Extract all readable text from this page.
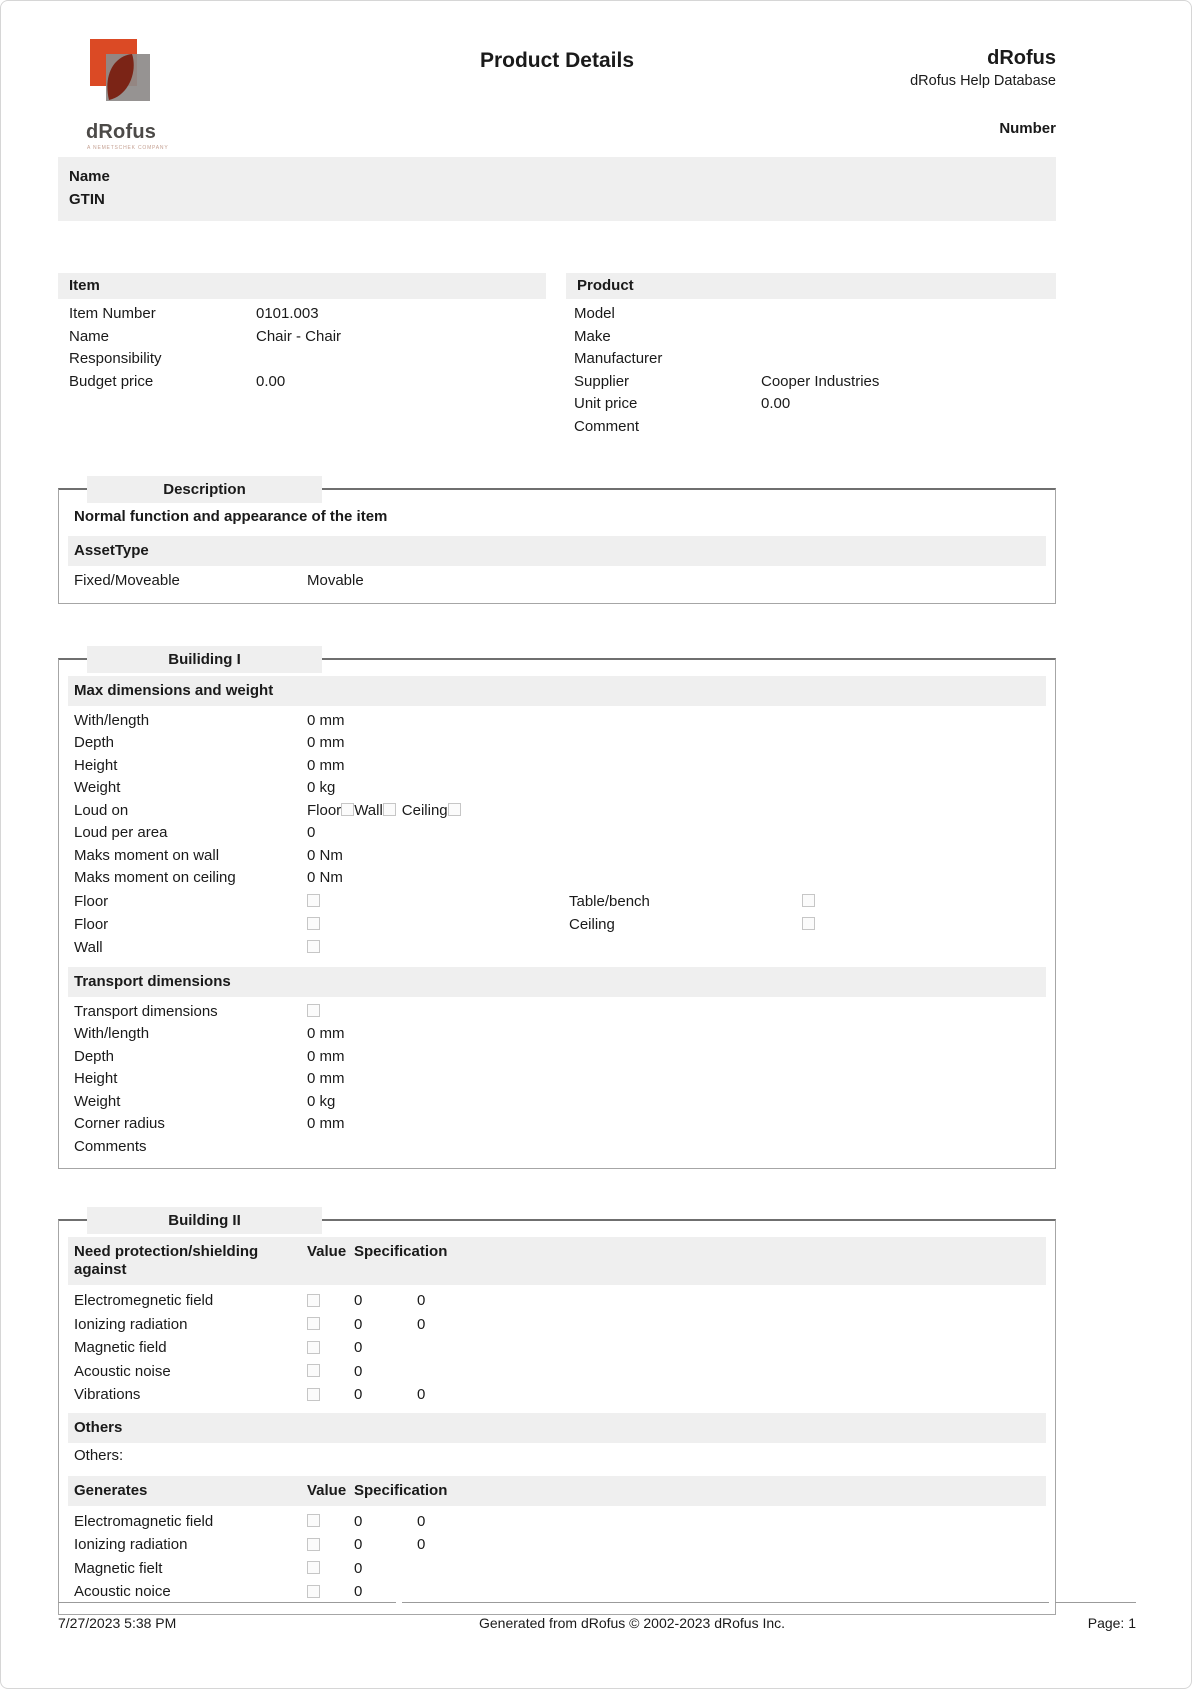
dRofus
A NEMETSCHEK COMPANY
Product Details	dRofus
dRofus Help Database
Number
Name
GTIN
Item
Item Number	0101.003
Name	Chair - Chair
Responsibility
Budget price	0.00
Product
Model
Make
Manufacturer
Supplier	Cooper Industries
Unit price	0.00
Comment
Description
Normal function and appearance of the item
AssetType
Fixed/Moveable	Movable
Builiding I
Max dimensions and weight
With/length	0 mm
Depth	0 mm
Height	0 mm
Weight	0 kg
Loud on	Floor Wall Ceiling
Loud per area	0
Maks moment on wall	0 Nm
Maks moment on ceiling	0 Nm
Floor	Table/bench
Floor	Ceiling
Wall
Transport dimensions
Transport dimensions
With/length	0 mm
Depth	0 mm
Height	0 mm
Weight	0 kg
Corner radius	0 mm
Comments
Building II
Need protection/shielding against
Value Specification
Electromegnetic field	0	0
Ionizing radiation	0	0
Magnetic field	0
Acoustic noise	0
Vibrations	0	0
Others
Others:
Generates	Value Specification
Electromagnetic field	0	0
Ionizing radiation	0	0
Magnetic fielt	0
Acoustic noice	0
7/27/2023 5:38 PM	Generated from dRofus © 2002-2023 dRofus Inc.	Page: 1
